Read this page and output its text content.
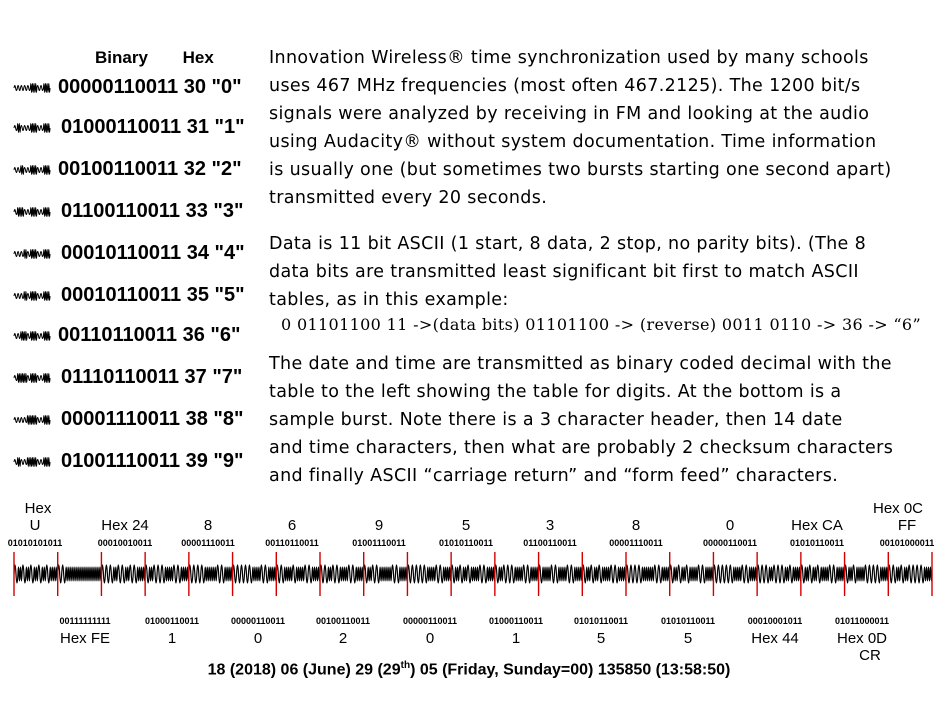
Binary Hex
00000110011 30 "0"
01000110011 31 "1"
00100110011 32 "2"
01100110011 33 "3"
00010110011 34 "4"
00010110011 35 "5"
00110110011 36 "6"
01110110011 37 "7"
00001110011 38 "8"
01001110011 39 "9"

Innovation Wireless® time synchronization used by many schools
uses 467 MHz frequencies (most often 467.2125). The 1200 bit/s
signals were analyzed by receiving in FM and looking at the audio
using Audacity® without system documentation. Time information
is usually one (but sometimes two bursts starting one second apart)
transmitted every 20 seconds.

Data is 11 bit ASCII (1 start, 8 data, 2 stop, no parity bits). (The 8
data bits are transmitted least significant bit first to match ASCII
tables, as in this example:

0 01101100 11 ->(data bits) 01101100 -> (reverse) 0011 0110 -> 36 -> “6”

The date and time are transmitted as binary coded decimal with the
table to the left showing the table for digits. At the bottom is a
sample burst. Note there is a 3 character header, then 14 date
and time characters, then what are probably 2 checksum characters
and finally ASCII “carriage return” and “form feed” characters.

Hex
U
01010101011
Hex 24
00010010011
8
00001110011
6
00110110011
9
01001110011
5
01010110011
3
01100110011
8
00001110011
0
00000110011
Hex CA
01010110011
Hex 0C
FF
00101000011
00111111111
Hex FE
01000110011
1
00000110011
0
00100110011
2
00000110011
0
01000110011
1
01010110011
5
01010110011
5
00010001011
Hex 44
01011000011
Hex 0D
CR
18 (2018) 06 (June) 29 (29th) 05 (Friday, Sunday=00) 135850 (13:58:50)
